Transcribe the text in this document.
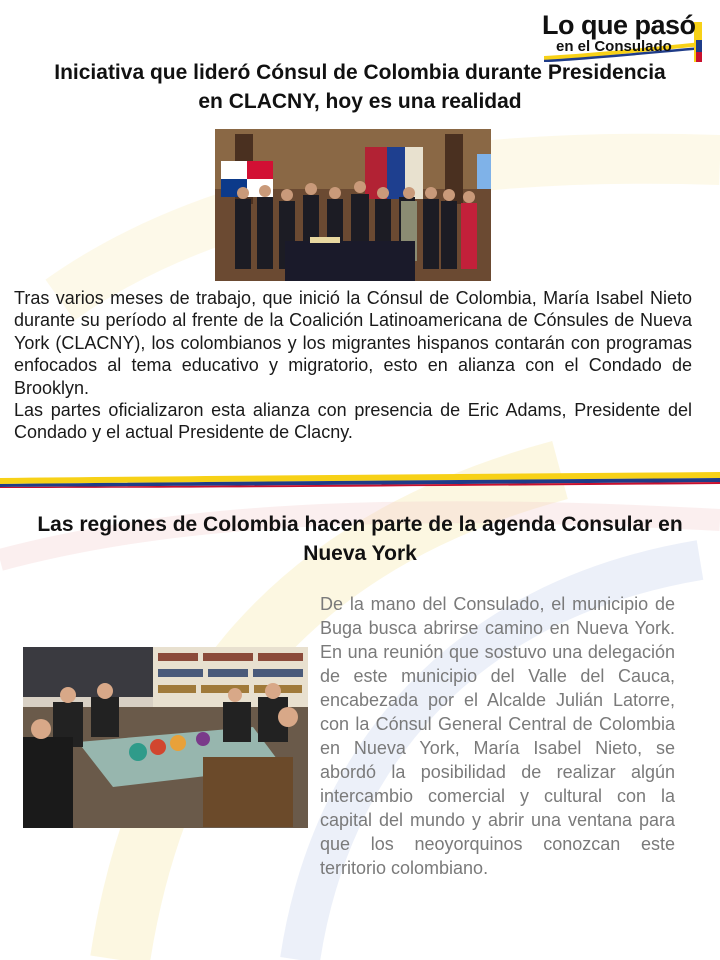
Lo que pasó
en el Consulado
Iniciativa que lideró Cónsul de Colombia durante Presidencia en CLACNY, hoy es una realidad

Tras varios meses de trabajo, que inició la Cónsul de Colombia, María Isabel Nieto durante su período al frente de la Coalición Latinoamericana de Cónsules de Nueva York (CLACNY), los colombianos y los migrantes hispanos contarán con programas enfocados al tema educativo y migratorio, esto en alianza con el Condado de Brooklyn.

Las partes oficializaron esta alianza con presencia de Eric Adams, Presidente del Condado y el actual Presidente de Clacny.

Las regiones de Colombia hacen parte de la agenda Consular en Nueva York
De la mano del Consulado, el municipio de Buga busca abrirse camino en Nueva York. En una reunión que sostuvo una delegación de este municipio del Valle del Cauca, encabezada por el Alcalde Julián Latorre, con la Cónsul General Central de Colombia en Nueva York, María Isabel Nieto, se abordó la posibilidad de realizar algún intercambio comercial y cultural con la capital del mundo y abrir una ventana para que los neoyorquinos conozcan este territorio colombiano.
